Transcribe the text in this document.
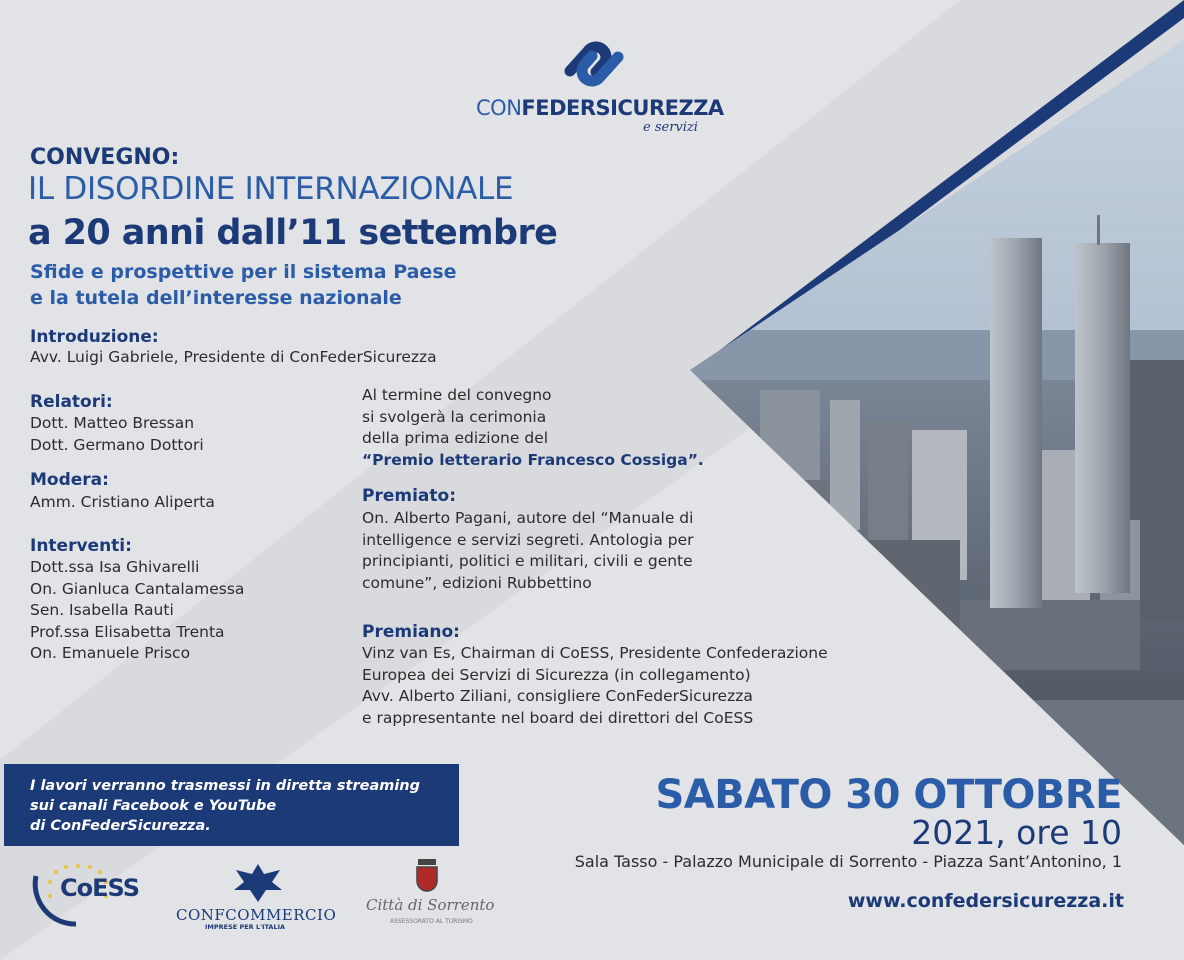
CONFEDERSICUREZZA
e servizi
CONVEGNO:
IL DISORDINE INTERNAZIONALE
a 20 anni dall’11 settembre
Sfide e prospettive per il sistema Paese
e la tutela dell’interesse nazionale
Introduzione:
Avv. Luigi Gabriele, Presidente di ConFederSicurezza
Relatori:
Dott. Matteo Bressan
Dott. Germano Dottori
Modera:
Amm. Cristiano Aliperta
Interventi:
Dott.ssa Isa Ghivarelli
On. Gianluca Cantalamessa
Sen. Isabella Rauti
Prof.ssa Elisabetta Trenta
On. Emanuele Prisco
Al termine del convegno
si svolgerà la cerimonia
della prima edizione del
“Premio letterario Francesco Cossiga”.
Premiato:
On. Alberto Pagani, autore del “Manuale di
intelligence e servizi segreti. Antologia per
principianti, politici e militari, civili e gente
comune”, edizioni Rubbettino
Premiano:
Vinz van Es, Chairman di CoESS, Presidente Confederazione
Europea dei Servizi di Sicurezza (in collegamento)
Avv. Alberto Ziliani, consigliere ConFederSicurezza
e rappresentante nel board dei direttori del CoESS
I lavori verranno trasmessi in diretta streaming
sui canali Facebook e YouTube
di ConFederSicurezza.
SABATO 30 OTTOBRE
2021, ore 10
Sala Tasso - Palazzo Municipale di Sorrento - Piazza Sant’Antonino, 1
www.confedersicurezza.it
CoESS
CONFCOMMERCIO
IMPRESE PER L'ITALIA
Città di Sorrento
ASSESSORATO AL TURISMO
